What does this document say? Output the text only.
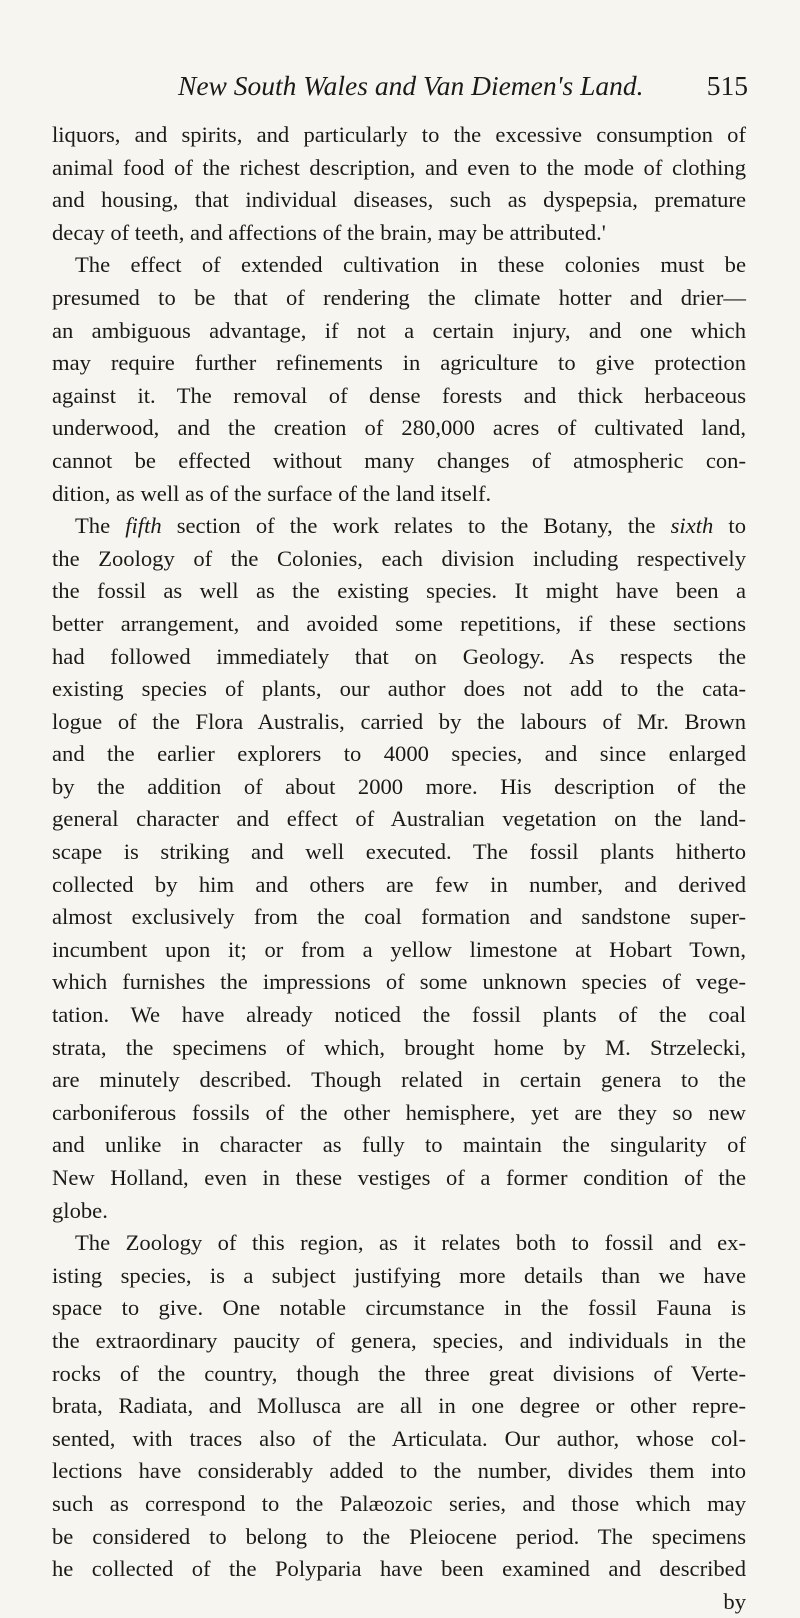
New South Wales and Van Diemen's Land. 515
liquors, and spirits, and particularly to the excessive consumption of
animal food of the richest description, and even to the mode of clothing
and housing, that individual diseases, such as dyspepsia, premature
decay of teeth, and affections of the brain, may be attributed.'
The effect of extended cultivation in these colonies must be
presumed to be that of rendering the climate hotter and drier—
an ambiguous advantage, if not a certain injury, and one which
may require further refinements in agriculture to give protection
against it. The removal of dense forests and thick herbaceous
underwood, and the creation of 280,000 acres of cultivated land,
cannot be effected without many changes of atmospheric con-
dition, as well as of the surface of the land itself.
The fifth section of the work relates to the Botany, the sixth to
the Zoology of the Colonies, each division including respectively
the fossil as well as the existing species. It might have been a
better arrangement, and avoided some repetitions, if these sections
had followed immediately that on Geology. As respects the
existing species of plants, our author does not add to the cata-
logue of the Flora Australis, carried by the labours of Mr. Brown
and the earlier explorers to 4000 species, and since enlarged
by the addition of about 2000 more. His description of the
general character and effect of Australian vegetation on the land-
scape is striking and well executed. The fossil plants hitherto
collected by him and others are few in number, and derived
almost exclusively from the coal formation and sandstone super-
incumbent upon it; or from a yellow limestone at Hobart Town,
which furnishes the impressions of some unknown species of vege-
tation. We have already noticed the fossil plants of the coal
strata, the specimens of which, brought home by M. Strzelecki,
are minutely described. Though related in certain genera to the
carboniferous fossils of the other hemisphere, yet are they so new
and unlike in character as fully to maintain the singularity of
New Holland, even in these vestiges of a former condition of the
globe.
The Zoology of this region, as it relates both to fossil and ex-
isting species, is a subject justifying more details than we have
space to give. One notable circumstance in the fossil Fauna is
the extraordinary paucity of genera, species, and individuals in the
rocks of the country, though the three great divisions of Verte-
brata, Radiata, and Mollusca are all in one degree or other repre-
sented, with traces also of the Articulata. Our author, whose col-
lections have considerably added to the number, divides them into
such as correspond to the Palæozoic series, and those which may
be considered to belong to the Pleiocene period. The specimens
he collected of the Polyparia have been examined and described
by
